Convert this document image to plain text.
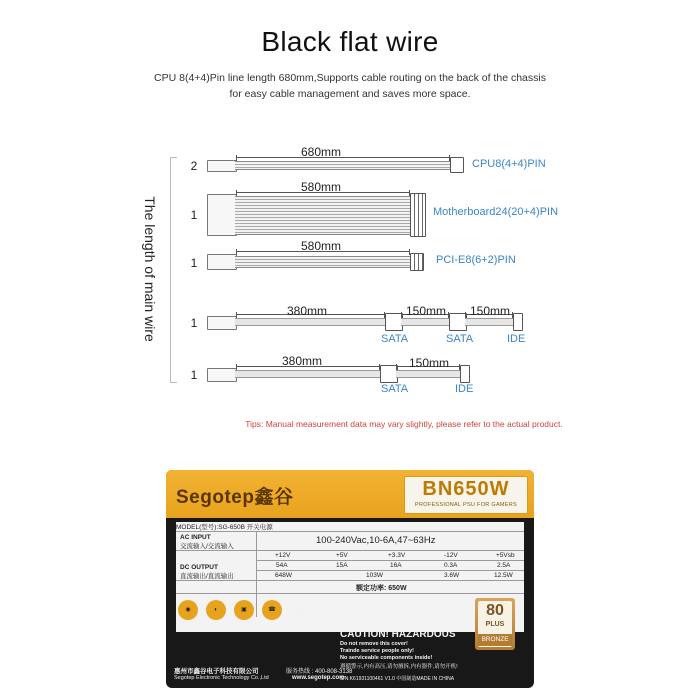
Black flat wire
CPU 8(4+4)Pin line length 680mm,Supports cable routing on the back of the chassis
for easy cable management and saves more space.
The length of main wire
2
680mm
CPU8(4+4)PIN
1
580mm
Motherboard24(20+4)PIN
1
580mm
PCI-E8(6+2)PIN
1
380mm	150mm	150mm
SATA	SATA	IDE
1
380mm	150mm
SATA	IDE
Tips: Manual measurement data may vary slightly, please refer to the actual product.
Segotep鑫谷	BN650W
PROFESSIONAL PSU FOR GAMERS
MODEL(型号):SG-650B 开关电源
AC INPUT
交流输入/交流输入
100-240Vac,10-6A,47~63Hz
DC OUTPUT
直流输出/直流输出
+12V	+5V	+3.3V	-12V	+5Vsb
54A	15A	16A	0.3A	2.5A
648W	103W	3.6W	12.5W
额定功率: 650W
◉	◐	▣	☎	✕	C	10	C	♻	A139388
仅适用于海拔2000米及以下地区安全使用
CAUTION! HAZARDOUS
Do not remove this cover!
Trainde service people only!
No serviceable components inside!
遵循警示,内有高压,请勿擅拆,内有器件,请勿开机!
惠州市鑫谷电子科技有限公司	服务热线 : 400-808-3138
Segotep Electronic Technology Co.,Ltd	www.segotep.com
S/N:K61931100461 V1.0 中国制造MADE IN CHINA
80
PLUS
BRONZE
